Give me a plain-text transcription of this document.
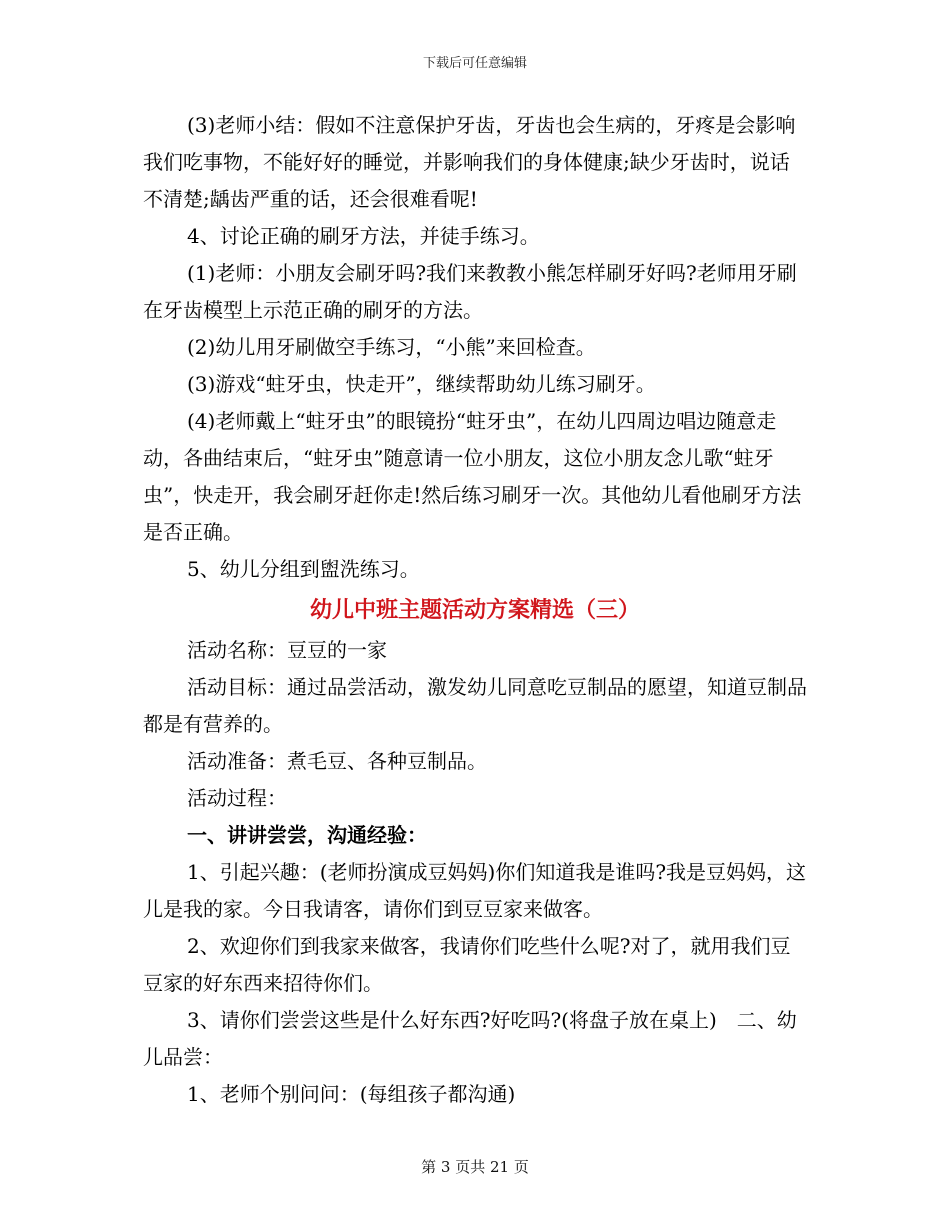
下载后可任意编辑

(3)老师小结：假如不注意保护牙齿，牙齿也会生病的，牙疼是会影响我们吃事物，不能好好的睡觉，并影响我们的身体健康;缺少牙齿时，说话不清楚;龋齿严重的话，还会很难看呢!

4、讨论正确的刷牙方法，并徒手练习。

(1)老师：小朋友会刷牙吗?我们来教教小熊怎样刷牙好吗?老师用牙刷在牙齿模型上示范正确的刷牙的方法。

(2)幼儿用牙刷做空手练习，“小熊”来回检查。

(3)游戏“蛀牙虫，快走开”，继续帮助幼儿练习刷牙。

(4)老师戴上“蛀牙虫”的眼镜扮“蛀牙虫”，在幼儿四周边唱边随意走动，各曲结束后，“蛀牙虫”随意请一位小朋友，这位小朋友念儿歌“蛀牙虫”，快走开，我会刷牙赶你走!然后练习刷牙一次。其他幼儿看他刷牙方法是否正确。

5、幼儿分组到盥洗练习。

幼儿中班主题活动方案精选（三）

活动名称：豆豆的一家

活动目标：通过品尝活动，激发幼儿同意吃豆制品的愿望，知道豆制品都是有营养的。

活动准备：煮毛豆、各种豆制品。

活动过程：

一、讲讲尝尝，沟通经验：

1、引起兴趣：(老师扮演成豆妈妈)你们知道我是谁吗?我是豆妈妈，这儿是我的家。今日我请客，请你们到豆豆家来做客。

2、欢迎你们到我家来做客，我请你们吃些什么呢?对了，就用我们豆豆家的好东西来招待你们。

3、请你们尝尝这些是什么好东西?好吃吗?(将盘子放在桌上)　二、幼儿品尝：

1、老师个别问问：(每组孩子都沟通)

第 3 页共 21 页
